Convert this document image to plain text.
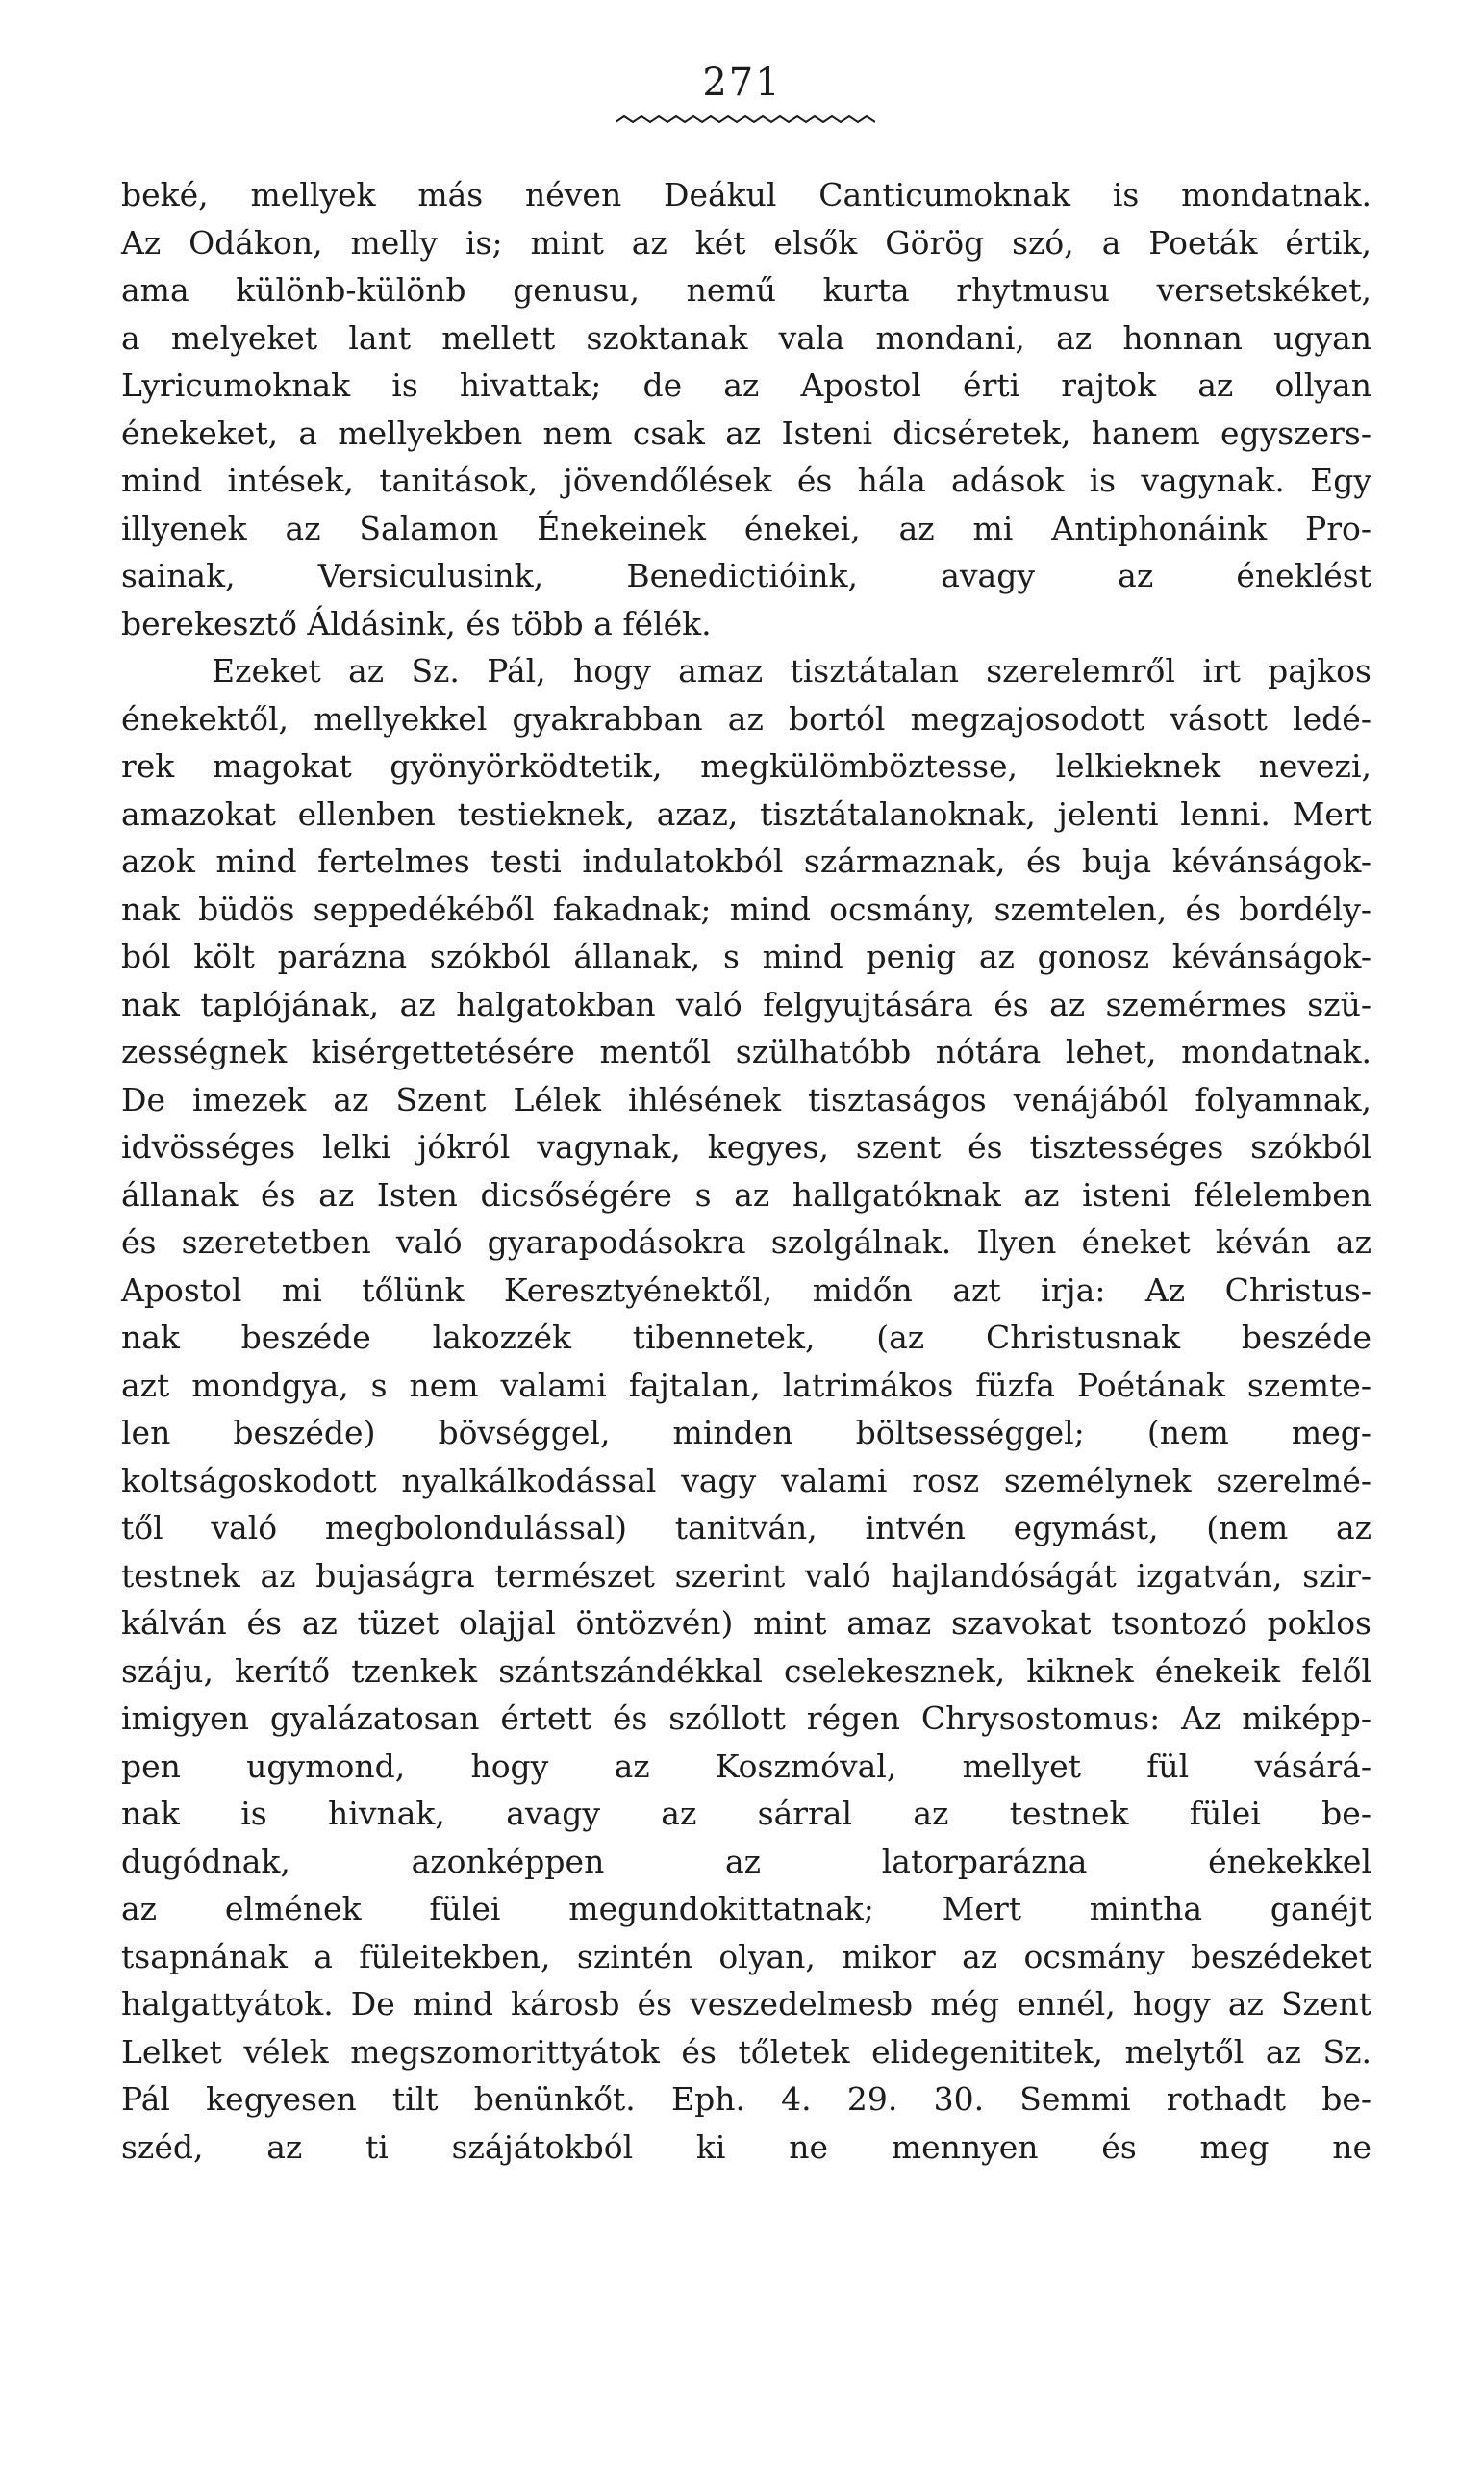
271
beké, mellyek más néven Deákul Canticumoknak is mondatnak.
Az Odákon, melly is; mint az két elsők Görög szó, a Poeták értik,
ama különb-különb genusu, nemű kurta rhytmusu versetskéket,
a melyeket lant mellett szoktanak vala mondani, az honnan ugyan
Lyricumoknak is hivattak; de az Apostol érti rajtok az ollyan
énekeket, a mellyekben nem csak az Isteni dicséretek, hanem egyszers-
mind intések, tanitások, jövendőlések és hála adások is vagynak. Egy
illyenek az Salamon Énekeinek énekei, az mi Antiphonáink Pro-
sainak, Versiculusink, Benedictióink, avagy az éneklést
berekesztő Áldásink, és több a félék.
Ezeket az Sz. Pál, hogy amaz tisztátalan szerelemről irt pajkos
énekektől, mellyekkel gyakrabban az bortól megzajosodott vásott ledé-
rek magokat gyönyörködtetik, megkülömböztesse, lelkieknek nevezi,
amazokat ellenben testieknek, azaz, tisztátalanoknak, jelenti lenni. Mert
azok mind fertelmes testi indulatokból származnak, és buja kévánságok-
nak büdös seppedékéből fakadnak; mind ocsmány, szemtelen, és bordély-
ból költ parázna szókból állanak, s mind penig az gonosz kévánságok-
nak taplójának, az halgatokban való felgyujtására és az szemérmes szü-
zességnek kisérgettetésére mentől szülhatóbb nótára lehet, mondatnak.
De imezek az Szent Lélek ihlésének tisztaságos venájából folyamnak,
idvösséges lelki jókról vagynak, kegyes, szent és tisztességes szókból
állanak és az Isten dicsőségére s az hallgatóknak az isteni félelemben
és szeretetben való gyarapodásokra szolgálnak. Ilyen éneket kéván az
Apostol mi tőlünk Keresztyénektől, midőn azt irja: Az Christus-
nak beszéde lakozzék tibennetek, (az Christusnak beszéde
azt mondgya, s nem valami fajtalan, latrimákos füzfa Poétának szemte-
len beszéde) bövséggel, minden böltsességgel; (nem meg-
koltságoskodott nyalkálkodással vagy valami rosz személynek szerelmé-
től való megbolondulással) tanitván, intvén egymást, (nem az
testnek az bujaságra természet szerint való hajlandóságát izgatván, szir-
kálván és az tüzet olajjal öntözvén) mint amaz szavokat tsontozó poklos
száju, kerítő tzenkek szántszándékkal cselekesznek, kiknek énekeik felől
imigyen gyalázatosan értett és szóllott régen Chrysostomus: Az miképp-
pen ugymond, hogy az Koszmóval, mellyet fül vásárá-
nak is hivnak, avagy az sárral az testnek fülei be-
dugódnak, azonképpen az latorparázna énekekkel
az elmének fülei megundokittatnak; Mert mintha ganéjt
tsapnának a füleitekben, szintén olyan, mikor az ocsmány beszédeket
halgattyátok. De mind károsb és veszedelmesb még ennél, hogy az Szent
Lelket vélek megszomorittyátok és tőletek elidegenititek, melytől az Sz.
Pál kegyesen tilt benünkőt. Eph. 4. 29. 30. Semmi rothadt be-
széd, az ti szájátokból ki ne mennyen és meg ne
